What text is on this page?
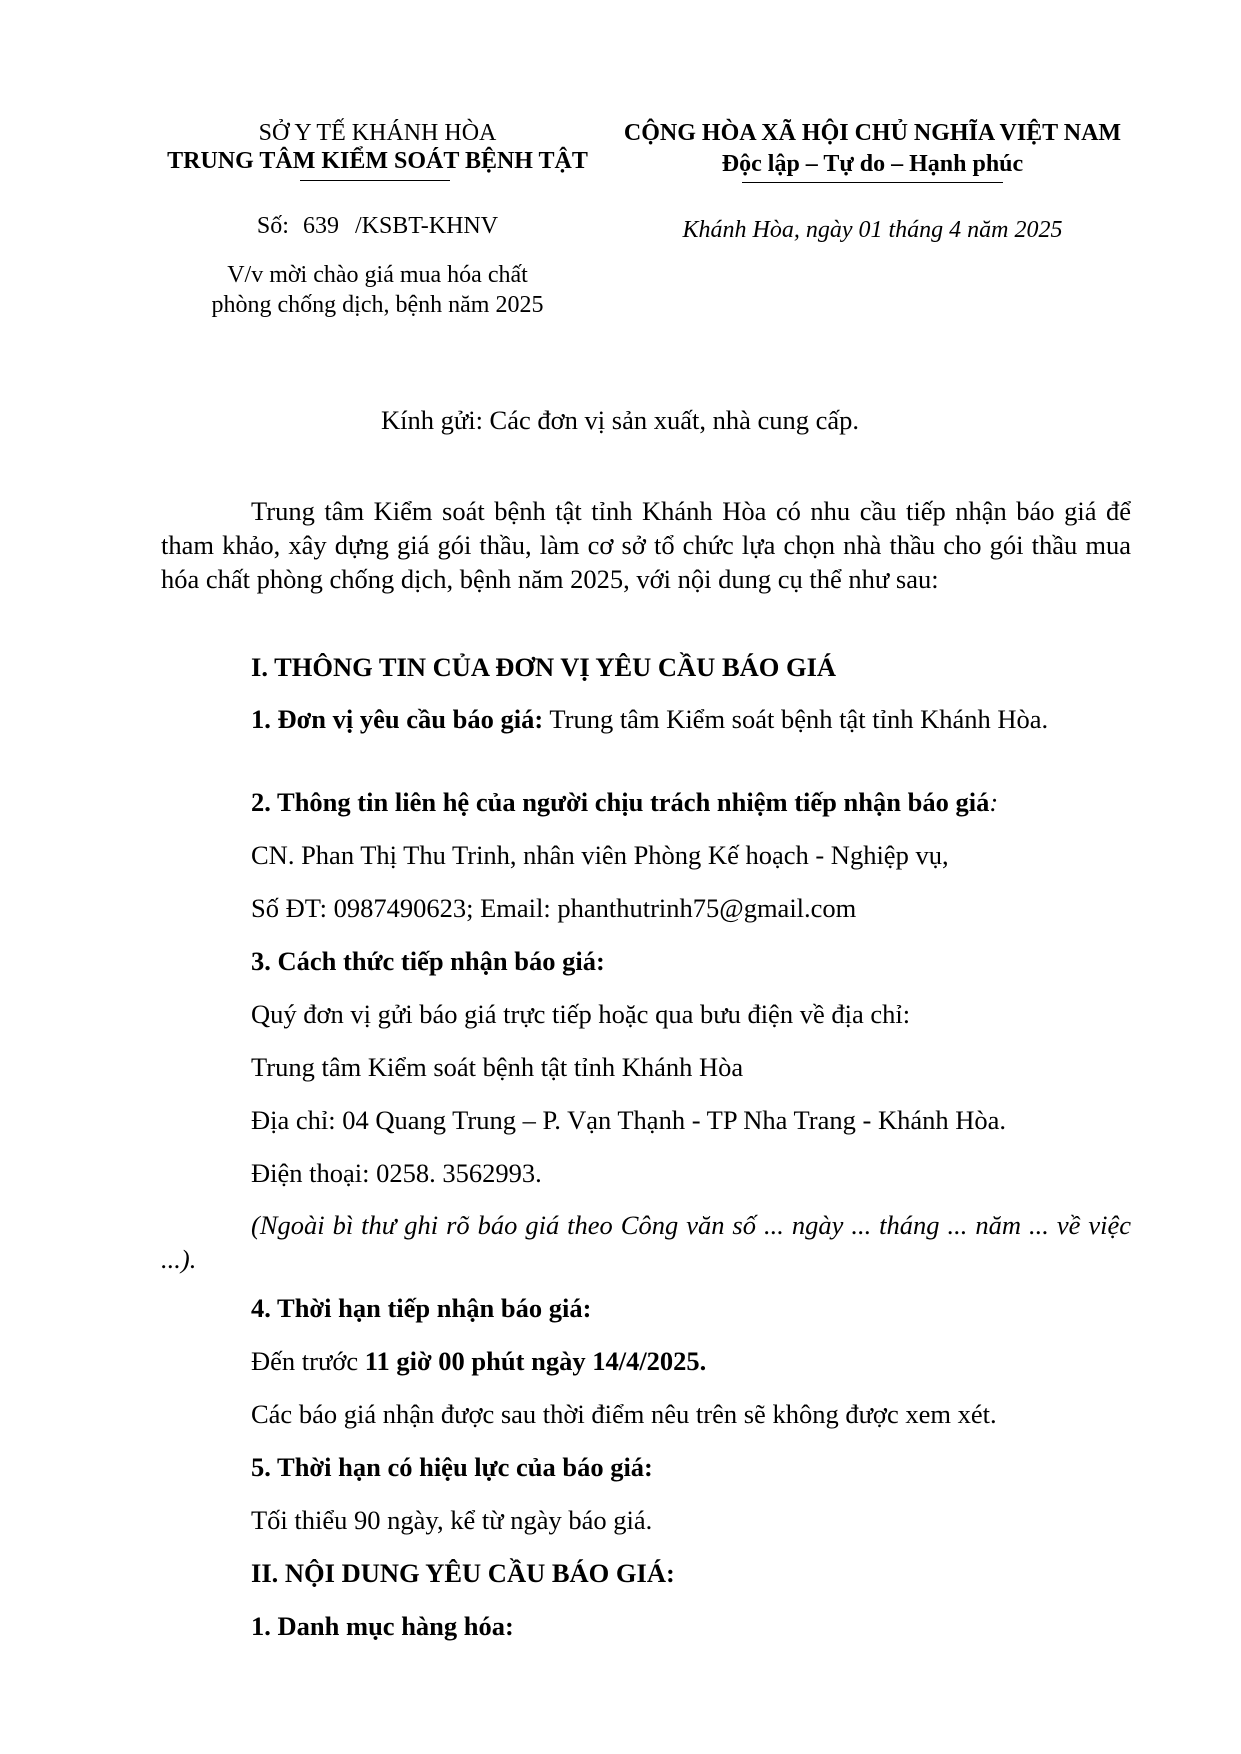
SỞ Y TẾ KHÁNH HÒA
TRUNG TÂM KIỂM SOÁT BỆNH TẬT
Số: 639 /KSBT-KHNV
V/v mời chào giá mua hóa chất phòng chống dịch, bệnh năm 2025
CỘNG HÒA XÃ HỘI CHỦ NGHĨA VIỆT NAM
Độc lập – Tự do – Hạnh phúc
Khánh Hòa, ngày 01 tháng 4 năm 2025
Kính gửi: Các đơn vị sản xuất, nhà cung cấp.
Trung tâm Kiểm soát bệnh tật tỉnh Khánh Hòa có nhu cầu tiếp nhận báo giá để tham khảo, xây dựng giá gói thầu, làm cơ sở tổ chức lựa chọn nhà thầu cho gói thầu mua hóa chất phòng chống dịch, bệnh năm 2025, với nội dung cụ thể như sau:
I. THÔNG TIN CỦA ĐƠN VỊ YÊU CẦU BÁO GIÁ
1. Đơn vị yêu cầu báo giá: Trung tâm Kiểm soát bệnh tật tỉnh Khánh Hòa.
2. Thông tin liên hệ của người chịu trách nhiệm tiếp nhận báo giá:
CN. Phan Thị Thu Trinh, nhân viên Phòng Kế hoạch - Nghiệp vụ,
Số ĐT: 0987490623; Email: phanthutrinh75@gmail.com
3. Cách thức tiếp nhận báo giá:
Quý đơn vị gửi báo giá trực tiếp hoặc qua bưu điện về địa chỉ:
Trung tâm Kiểm soát bệnh tật tỉnh Khánh Hòa
Địa chỉ: 04 Quang Trung – P. Vạn Thạnh - TP Nha Trang - Khánh Hòa.
Điện thoại: 0258. 3562993.
(Ngoài bì thư ghi rõ báo giá theo Công văn số ... ngày ... tháng ... năm ... về việc ...).
4. Thời hạn tiếp nhận báo giá:
Đến trước 11 giờ 00 phút ngày 14/4/2025.
Các báo giá nhận được sau thời điểm nêu trên sẽ không được xem xét.
5. Thời hạn có hiệu lực của báo giá:
Tối thiểu 90 ngày, kể từ ngày báo giá.
II. NỘI DUNG YÊU CẦU BÁO GIÁ:
1. Danh mục hàng hóa:
